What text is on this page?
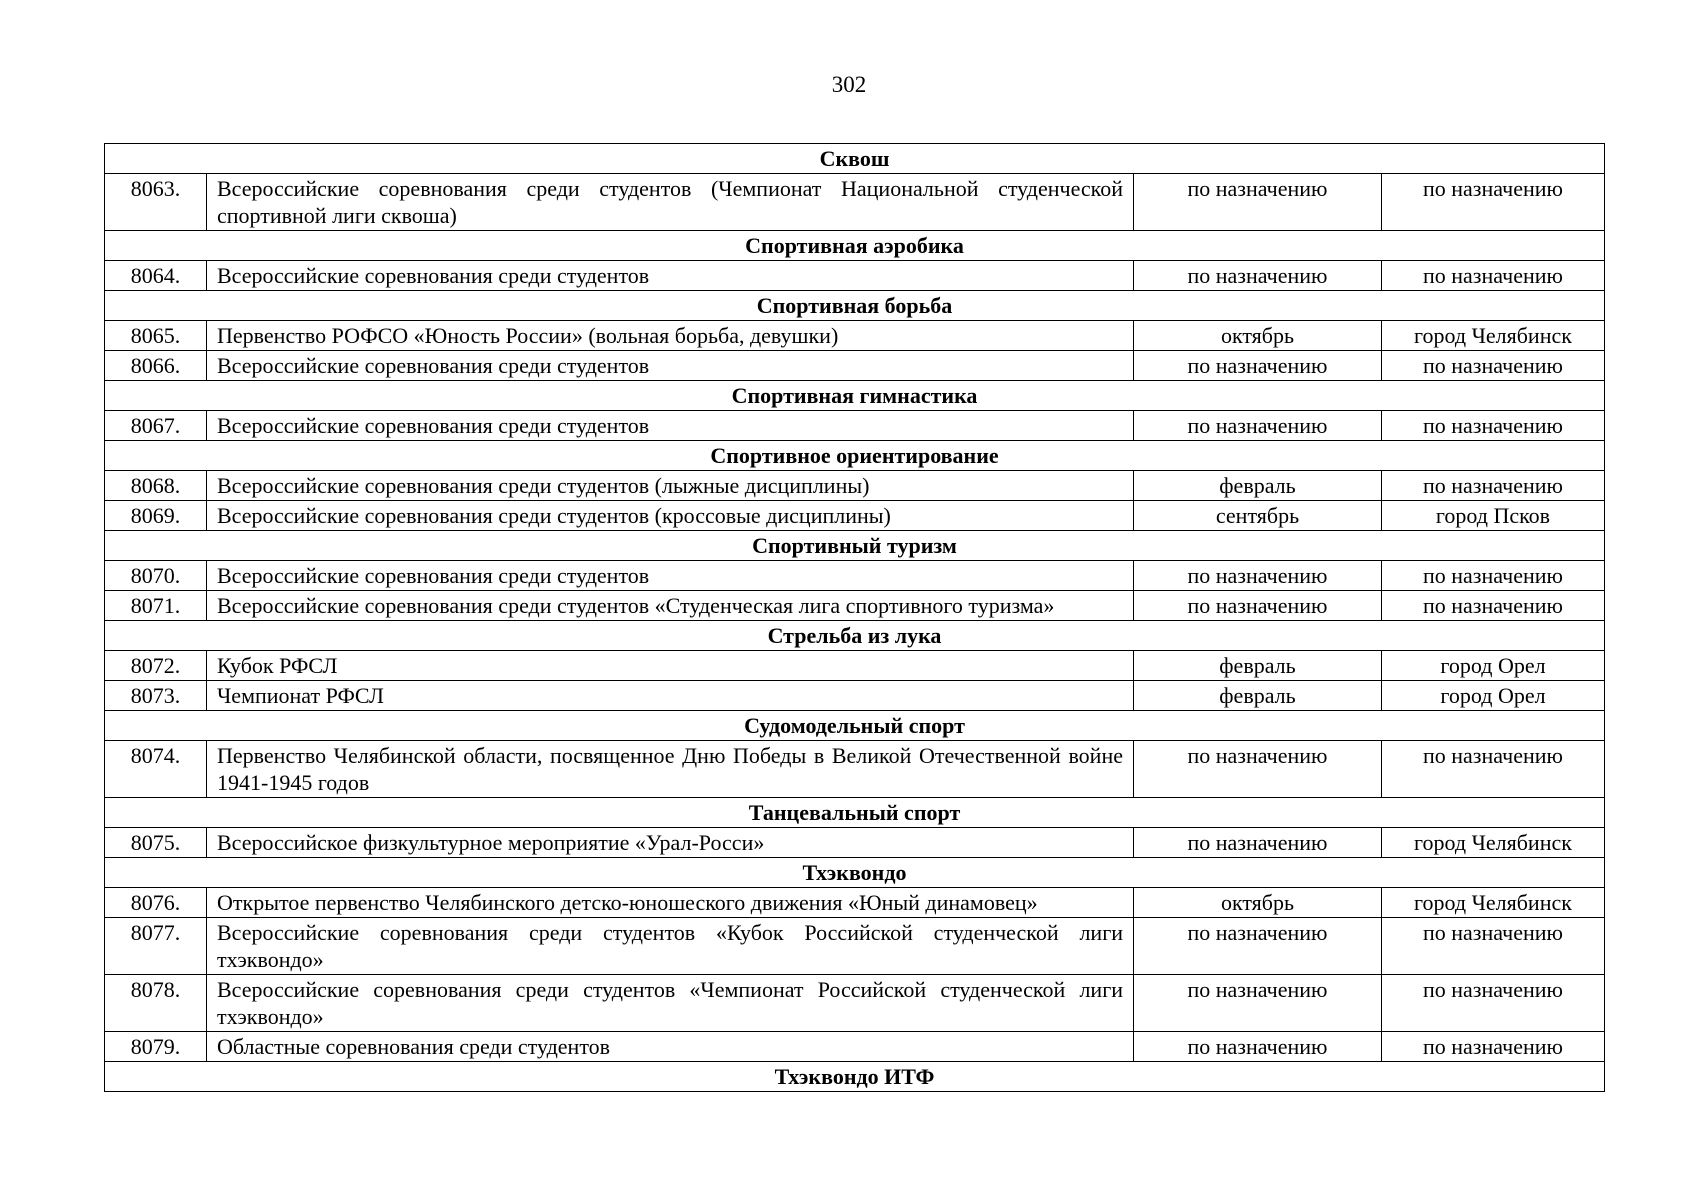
302
Сквош			
8063.	Всероссийские соревнования среди студентов (Чемпионат Национальной студенческой спортивной лиги сквоша)	по назначению	по назначению
Спортивная аэробика			
8064.	Всероссийские соревнования среди студентов	по назначению	по назначению
Спортивная борьба			
8065.	Первенство РОФСО «Юность России» (вольная борьба, девушки)	октябрь	город Челябинск
8066.	Всероссийские соревнования среди студентов	по назначению	по назначению
Спортивная гимнастика			
8067.	Всероссийские соревнования среди студентов	по назначению	по назначению
Спортивное ориентирование			
8068.	Всероссийские соревнования среди студентов (лыжные дисциплины)	февраль	по назначению
8069.	Всероссийские соревнования среди студентов (кроссовые дисциплины)	сентябрь	город Псков
Спортивный туризм			
8070.	Всероссийские соревнования среди студентов	по назначению	по назначению
8071.	Всероссийские соревнования среди студентов «Студенческая лига спортивного туризма»	по назначению	по назначению
Стрельба из лука			
8072.	Кубок РФСЛ	февраль	город Орел
8073.	Чемпионат РФСЛ	февраль	город Орел
Судомодельный спорт			
8074.	Первенство Челябинской области, посвященное Дню Победы в Великой Отечественной войне 1941-1945 годов	по назначению	по назначению
Танцевальный спорт			
8075.	Всероссийское физкультурное мероприятие «Урал-Росси»	по назначению	город Челябинск
Тхэквондо			
8076.	Открытое первенство Челябинского детско-юношеского движения «Юный динамовец»	октябрь	город Челябинск
8077.	Всероссийские соревнования среди студентов «Кубок Российской студенческой лиги тхэквондо»	по назначению	по назначению
8078.	Всероссийские соревнования среди студентов «Чемпионат Российской студенческой лиги тхэквондо»	по назначению	по назначению
8079.	Областные соревнования среди студентов	по назначению	по назначению
Тхэквондо ИТФ			
